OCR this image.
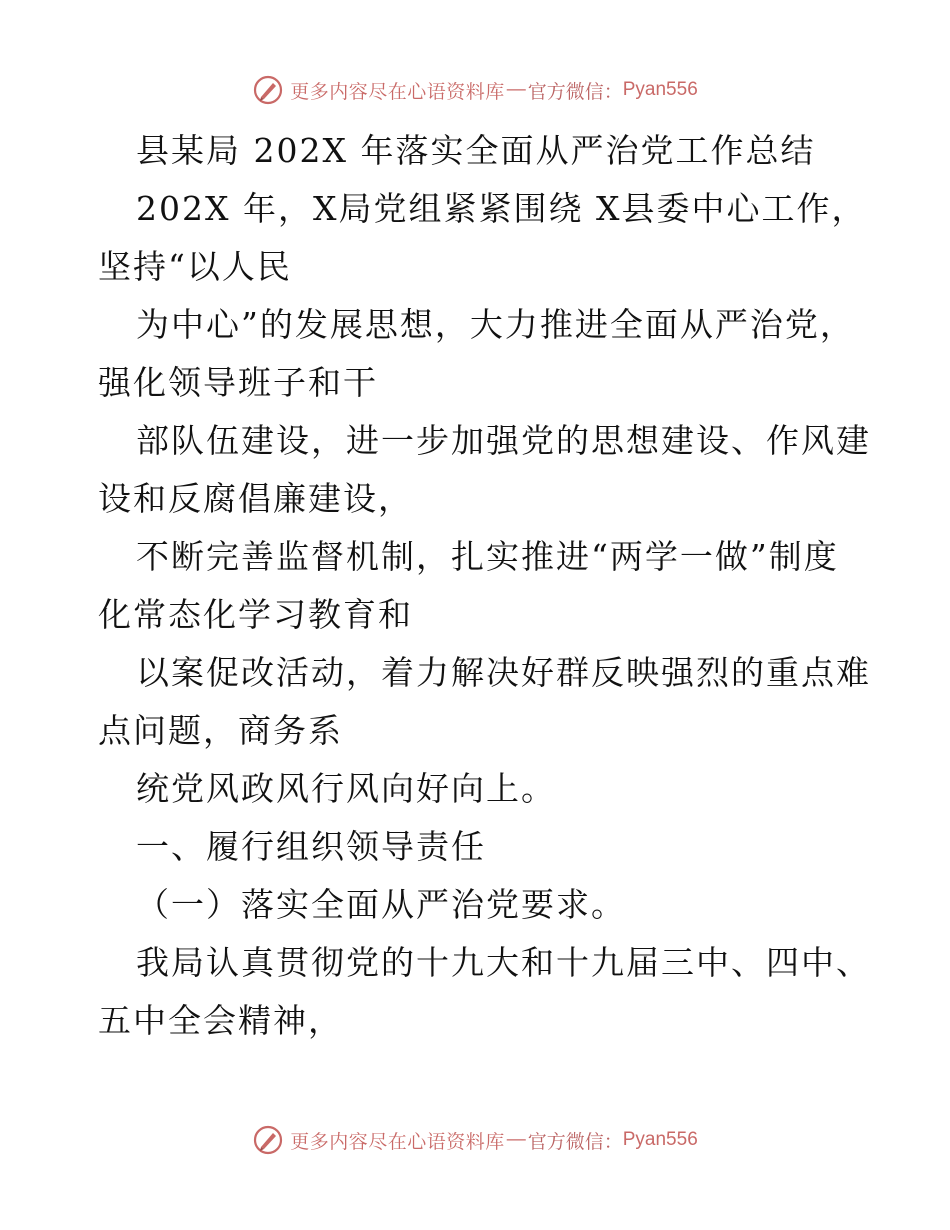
更多内容尽在心语资料库 — 官方微信： Pyan556
县某局 202X 年落实全面从严治党工作总结
202X 年，X局党组紧紧围绕 X县委中心工作，
坚持“以人民
为中心”的发展思想，大力推进全面从严治党，
强化领导班子和干
部队伍建设，进一步加强党的思想建设、作风建
设和反腐倡廉建设，
不断完善监督机制，扎实推进“两学一做”制度
化常态化学习教育和
以案促改活动，着力解决好群反映强烈的重点难
点问题，商务系
统党风政风行风向好向上。
一、履行组织领导责任
（一）落实全面从严治党要求。
我局认真贯彻党的十九大和十九届三中、四中、
五中全会精神，
更多内容尽在心语资料库 — 官方微信： Pyan556
